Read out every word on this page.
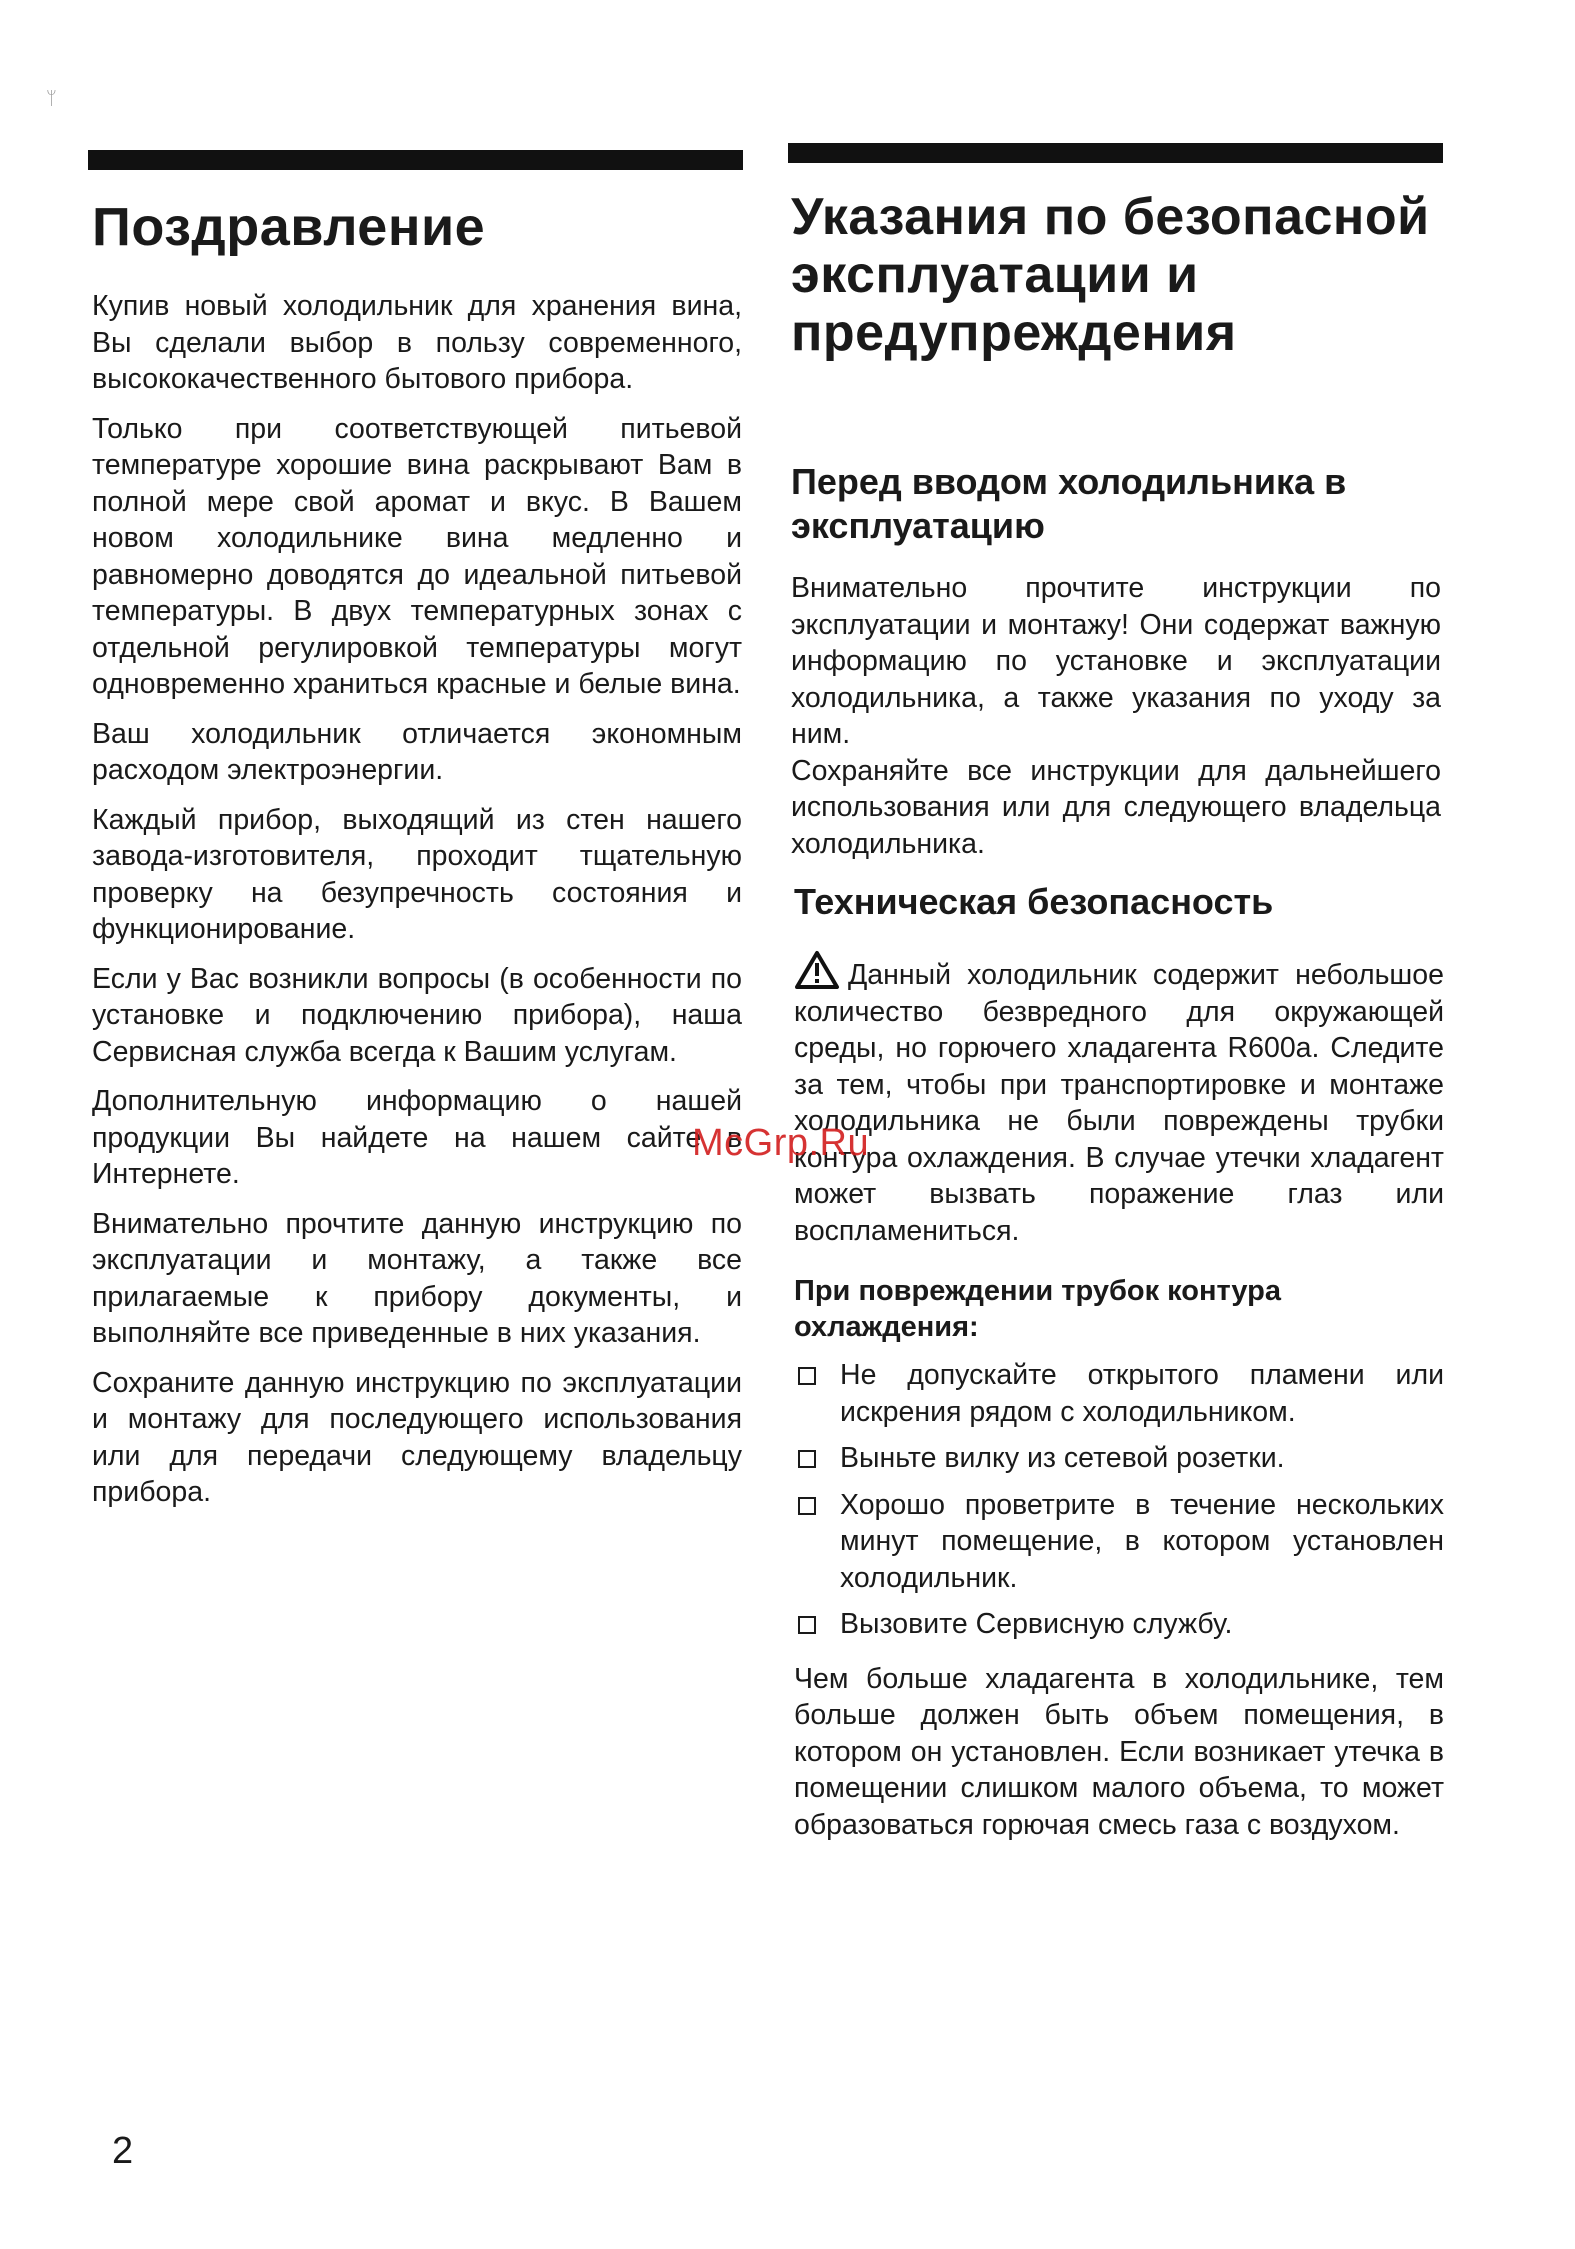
ᛘ
Поздравление

Купив новый холодильник для хранения вина, Вы сделали выбор в пользу современного, высококачественного бытового прибора.

Только при соответствующей питьевой температуре хорошие вина раскрывают Вам в полной мере свой аромат и вкус. В Вашем новом холодильнике вина медленно и равномерно доводятся до идеальной питьевой температуры. В двух температурных зонах с отдельной регулировкой температуры могут одновременно храниться красные и белые вина.

Ваш холодильник отличается экономным расходом электроэнергии.

Каждый прибор, выходящий из стен нашего завода-изготовителя, проходит тщательную проверку на безупречность состояния и функционирование.

Если у Вас возникли вопросы (в особенности по установке и подключению прибора), наша Сервисная служба всегда к Вашим услугам.

Дополнительную информацию о нашей продукции Вы найдете на нашем сайте в Интернете.

Внимательно прочтите данную инструкцию по эксплуатации и монтажу, а также все прилагаемые к прибору документы, и выполняйте все приведенные в них указания.

Сохраните данную инструкцию по эксплуатации и монтажу для последующего использования или для передачи следующему владельцу прибора.

Указания по безопасной эксплуатации и предупреждения
Перед вводом холодильника в эксплуатацию

Внимательно прочтите инструкции по эксплуатации и монтажу! Они содержат важную информацию по установке и эксплуатации холодильника, а также указания по уходу за ним.

Сохраняйте все инструкции для дальнейшего использования или для следующего владельца холодильника.

Техническая безопасность

Данный холодильник содержит небольшое количество безвредного для окружающей среды, но горючего хладагента R600a. Следите за тем, чтобы при транспортировке и монтаже холодильника не были повреждены трубки контура охлаждения. В случае утечки хладагент может вызвать поражение глаз или воспламениться.

При повреждении трубок контура охлаждения:
Не допускайте открытого пламени или искрения рядом с холодильником.
Выньте вилку из сетевой розетки.
Хорошо проветрите в течение нескольких минут помещение, в котором установлен холодильник.
Вызовите Сервисную службу.

Чем больше хладагента в холодильнике, тем больше должен быть объем помещения, в котором он установлен. Если возникает утечка в помещении слишком малого объема, то может образоваться горючая смесь газа с воздухом.

McGrp.Ru
2
